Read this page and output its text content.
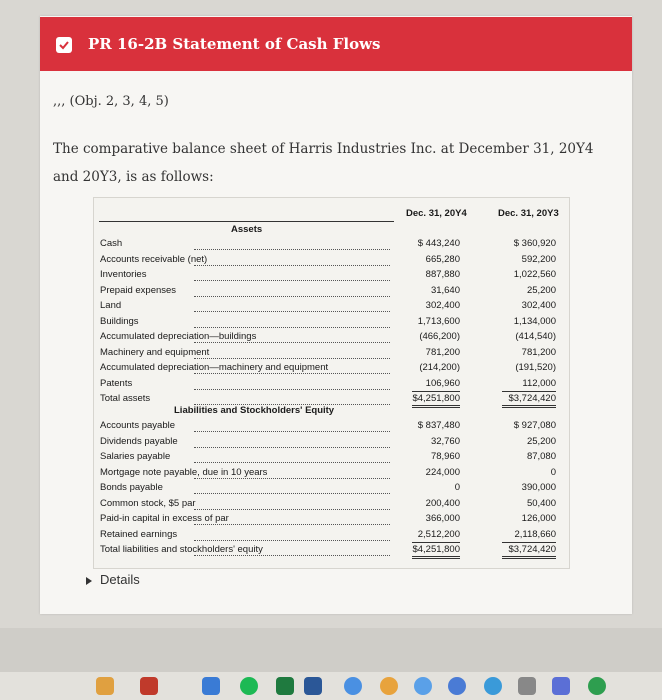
PR 16-2B Statement of Cash Flows
,,, (Obj. 2, 3, 4, 5)
The comparative balance sheet of Harris Industries Inc. at December 31, 20Y4 and 20Y3, is as follows:
Dec. 31, 20Y4	Dec. 31, 20Y3
Assets
Cash	$ 443,240	$ 360,920
Accounts receivable (net)	665,280	592,200
Inventories	887,880	1,022,560
Prepaid expenses	31,640	25,200
Land	302,400	302,400
Buildings	1,713,600	1,134,000
Accumulated depreciation—buildings	(466,200)	(414,540)
Machinery and equipment	781,200	781,200
Accumulated depreciation—machinery and equipment	(214,200)	(191,520)
Patents	106,960	112,000
Total assets	$4,251,800	$3,724,420
Liabilities and Stockholders' Equity
Accounts payable	$ 837,480	$ 927,080
Dividends payable	32,760	25,200
Salaries payable	78,960	87,080
Mortgage note payable, due in 10 years	224,000	0
Bonds payable	0	390,000
Common stock, $5 par	200,400	50,400
Paid-in capital in excess of par	366,000	126,000
Retained earnings	2,512,200	2,118,660
Total liabilities and stockholders' equity	$4,251,800	$3,724,420
Details
